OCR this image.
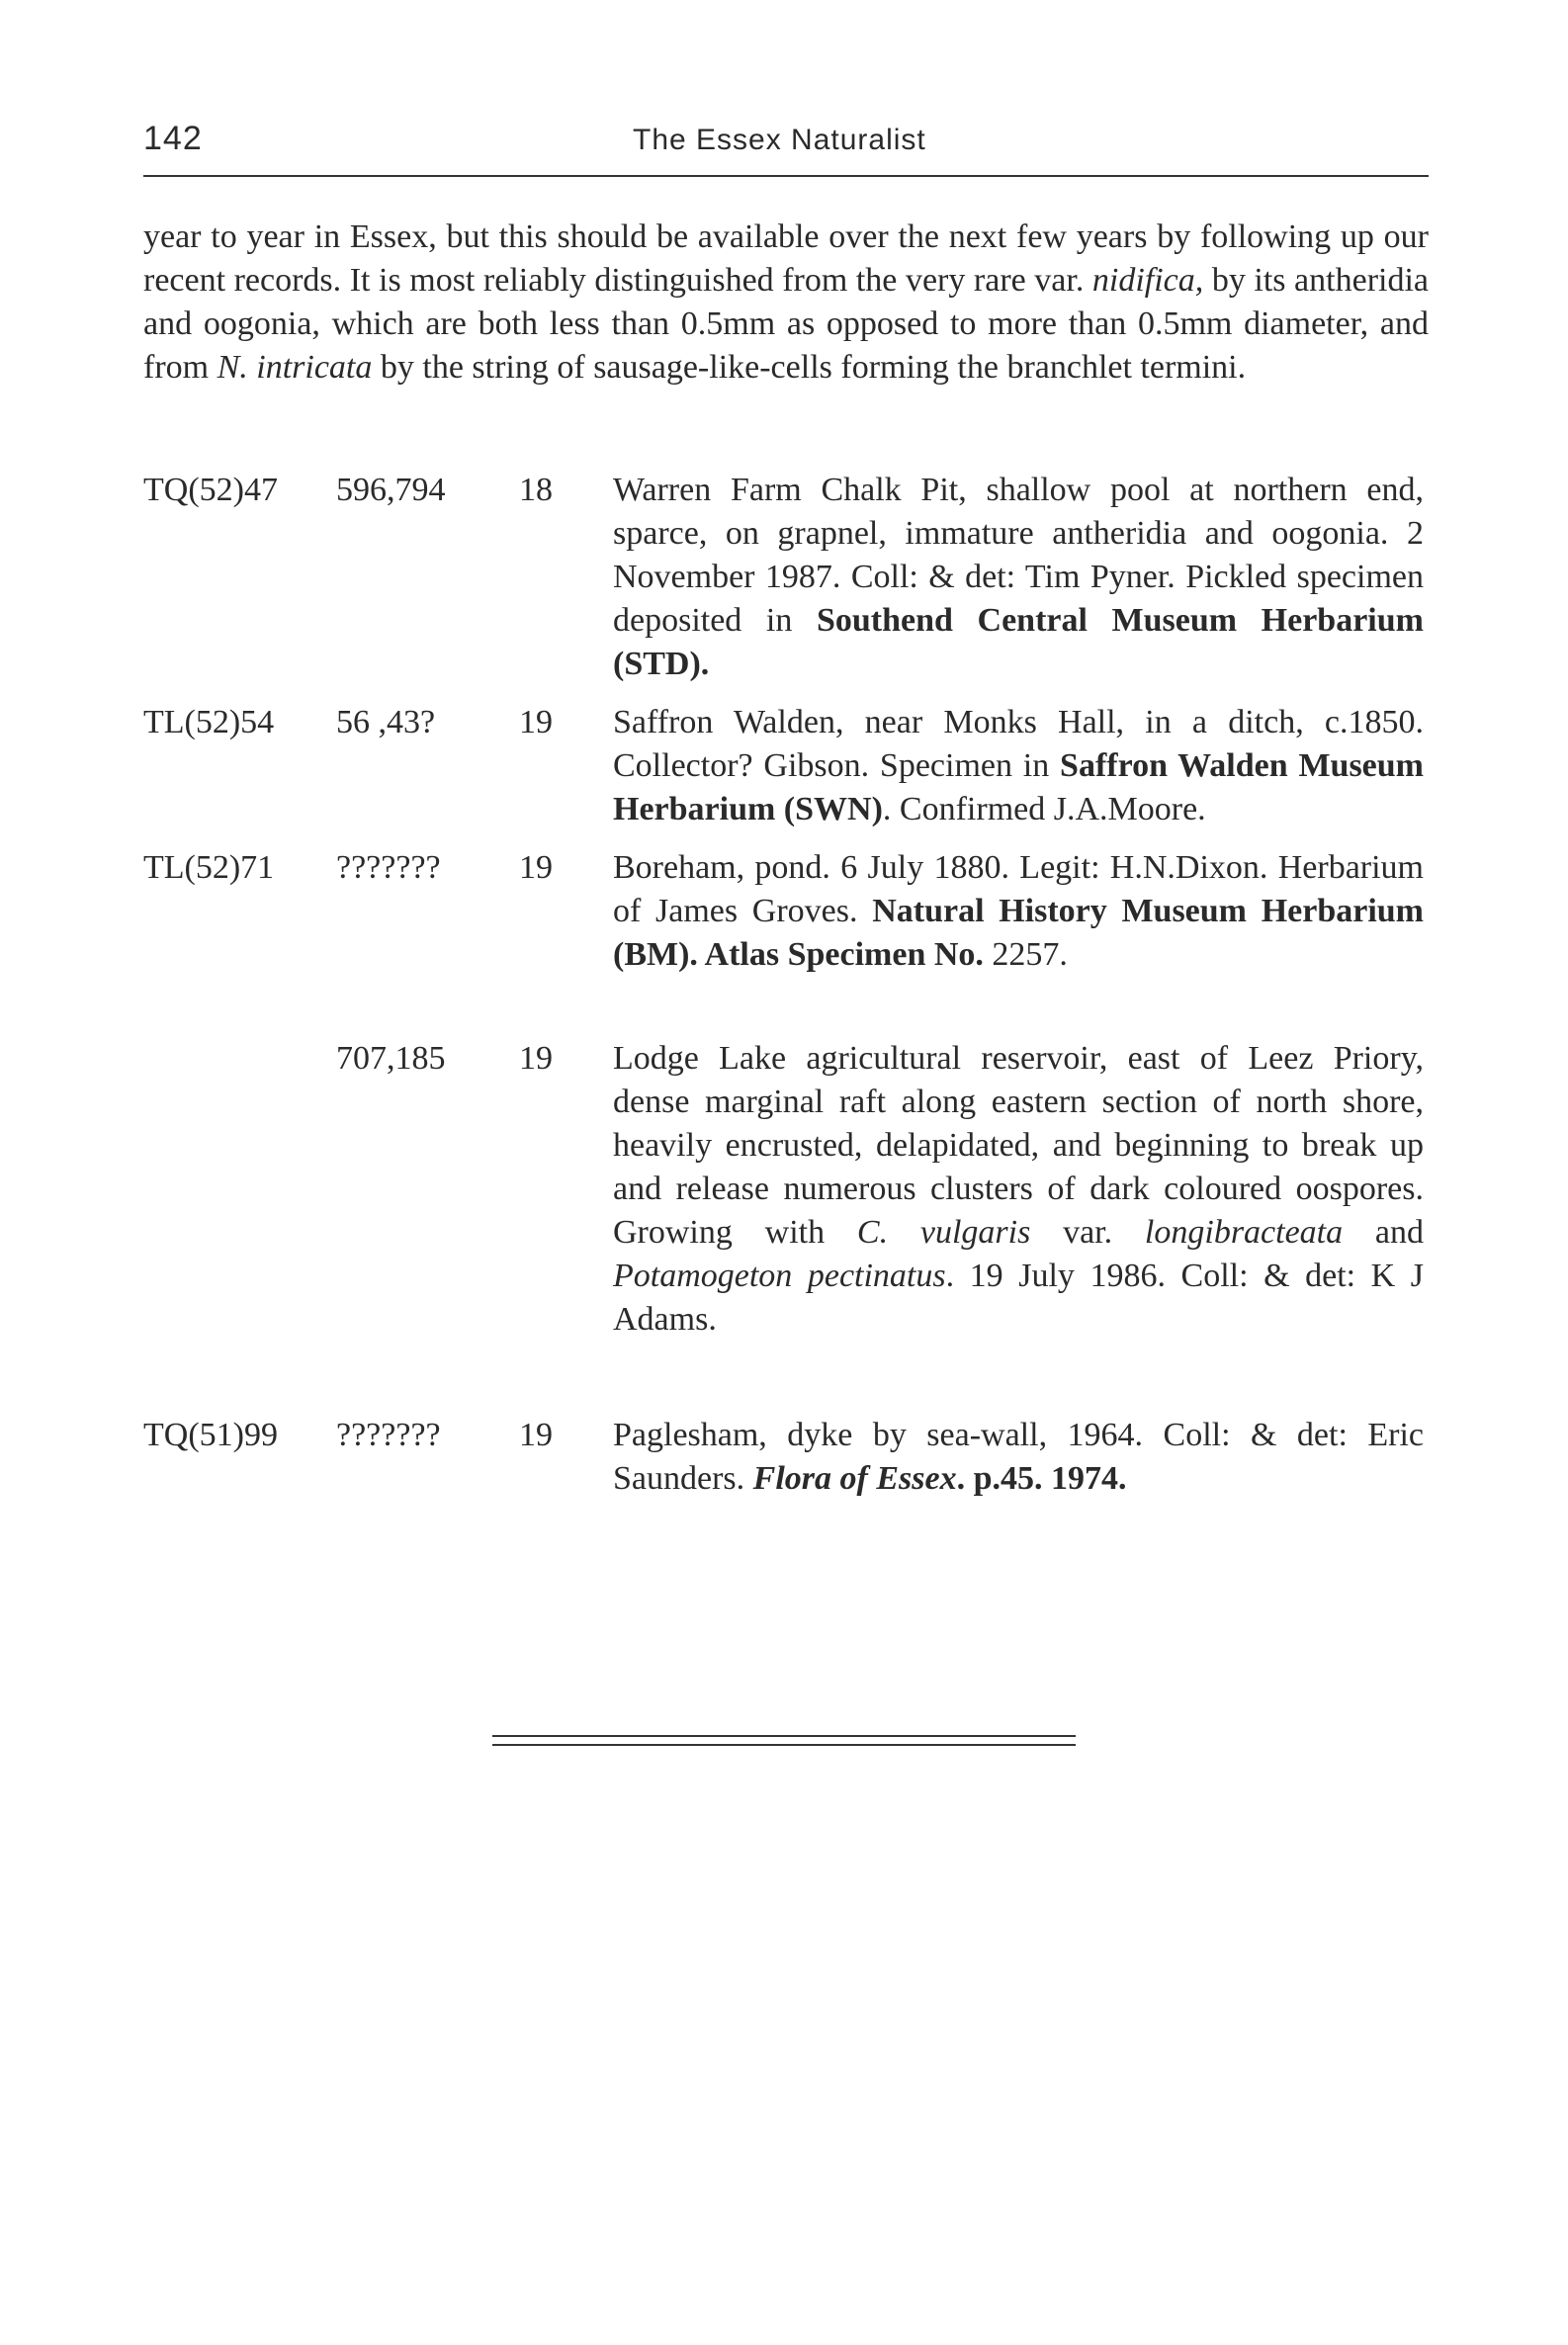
142	The Essex Naturalist

year to year in Essex, but this should be available over the next few years by following up our recent records. It is most reliably distinguished from the very rare var. nidifica, by its antheridia and oogonia, which are both less than 0.5mm as opposed to more than 0.5mm diameter, and from N. intricata by the string of sausage-like-cells forming the branchlet termini.

TQ(52)47 596,794 18 Warren Farm Chalk Pit, shallow pool at northern end, sparce, on grapnel, immature antheridia and oogonia. 2 November 1987. Coll: & det: Tim Pyner. Pickled specimen deposited in Southend Central Museum Herbarium (STD).
TL(52)54 56 ,43? 19 Saffron Walden, near Monks Hall, in a ditch, c.1850. Collector? Gibson. Specimen in Saffron Walden Museum Herbarium (SWN). Confirmed J.A.Moore.
TL(52)71 ??????? 19 Boreham, pond. 6 July 1880. Legit: H.N.Dixon. Herbarium of James Groves. Natural History Museum Herbarium (BM). Atlas Specimen No. 2257.
707,185 19 Lodge Lake agricultural reservoir, east of Leez Priory, dense marginal raft along eastern section of north shore, heavily encrusted, delapidated, and beginning to break up and release numerous clusters of dark coloured oospores. Growing with C. vulgaris var. longibracteata and Potamogeton pectinatus. 19 July 1986. Coll: & det: K J Adams.
TQ(51)99 ??????? 19 Paglesham, dyke by sea-wall, 1964. Coll: & det: Eric Saunders. Flora of Essex. p.45. 1974.
